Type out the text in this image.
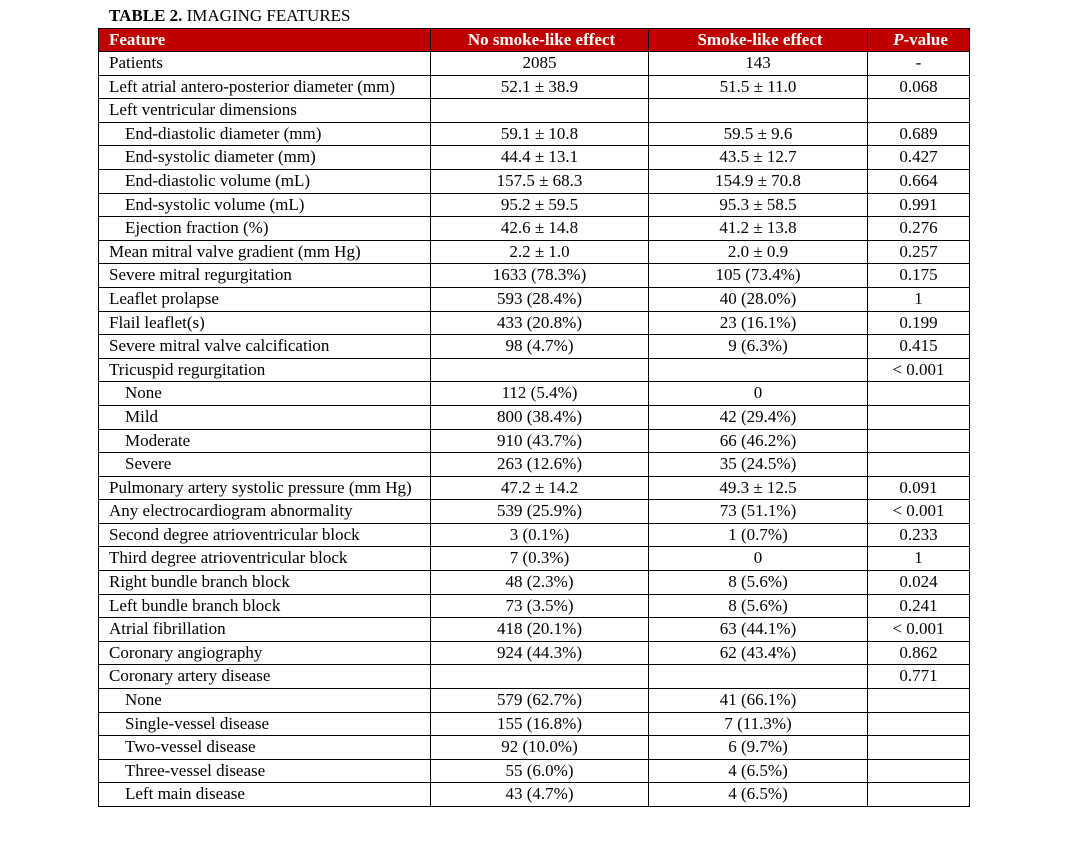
TABLE 2. IMAGING FEATURES
Feature	No smoke-like effect	Smoke-like effect	P-value
Patients	2085	143	-
Left atrial antero-posterior diameter (mm)	52.1 ± 38.9	51.5 ± 11.0	0.068
Left ventricular dimensions			
End-diastolic diameter (mm)	59.1 ± 10.8	59.5 ± 9.6	0.689
End-systolic diameter (mm)	44.4 ± 13.1	43.5 ± 12.7	0.427
End-diastolic volume (mL)	157.5 ± 68.3	154.9 ± 70.8	0.664
End-systolic volume (mL)	95.2 ± 59.5	95.3 ± 58.5	0.991
Ejection fraction (%)	42.6 ± 14.8	41.2 ± 13.8	0.276
Mean mitral valve gradient (mm Hg)	2.2 ± 1.0	2.0 ± 0.9	0.257
Severe mitral regurgitation	1633 (78.3%)	105 (73.4%)	0.175
Leaflet prolapse	593 (28.4%)	40 (28.0%)	1
Flail leaflet(s)	433 (20.8%)	23 (16.1%)	0.199
Severe mitral valve calcification	98 (4.7%)	9 (6.3%)	0.415
Tricuspid regurgitation			< 0.001
None	112 (5.4%)	0	
Mild	800 (38.4%)	42 (29.4%)	
Moderate	910 (43.7%)	66 (46.2%)	
Severe	263 (12.6%)	35 (24.5%)	
Pulmonary artery systolic pressure (mm Hg)	47.2 ± 14.2	49.3 ± 12.5	0.091
Any electrocardiogram abnormality	539 (25.9%)	73 (51.1%)	< 0.001
Second degree atrioventricular block	3 (0.1%)	1 (0.7%)	0.233
Third degree atrioventricular block	7 (0.3%)	0	1
Right bundle branch block	48 (2.3%)	8 (5.6%)	0.024
Left bundle branch block	73 (3.5%)	8 (5.6%)	0.241
Atrial fibrillation	418 (20.1%)	63 (44.1%)	< 0.001
Coronary angiography	924 (44.3%)	62 (43.4%)	0.862
Coronary artery disease			0.771
None	579 (62.7%)	41 (66.1%)	
Single-vessel disease	155 (16.8%)	7 (11.3%)	
Two-vessel disease	92 (10.0%)	6 (9.7%)	
Three-vessel disease	55 (6.0%)	4 (6.5%)	
Left main disease	43 (4.7%)	4 (6.5%)	
